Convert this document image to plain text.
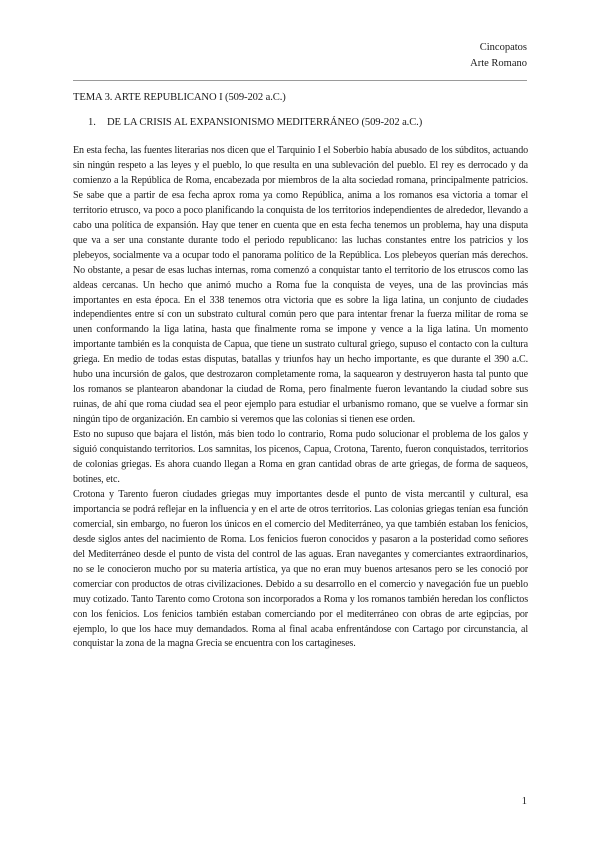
Cincopatos
Arte Romano
TEMA 3. ARTE REPUBLICANO I (509-202 a.C.)
1. DE LA CRISIS AL EXPANSIONISMO MEDITERRÁNEO (509-202 a.C.)

En esta fecha, las fuentes literarias nos dicen que el Tarquinio I el Soberbio había abusado de los súbditos, actuando sin ningún respeto a las leyes y el pueblo, lo que resulta en una sublevación del pueblo. El rey es derrocado y da comienzo a la República de Roma, encabezada por miembros de la alta sociedad romana, principalmente patricios. Se sabe que a partir de esa fecha aprox roma ya como República, anima a los romanos esa victoria a tomar el territorio etrusco, va poco a poco planificando la conquista de los territorios independientes de alrededor, llevando a cabo una política de expansión. Hay que tener en cuenta que en esta fecha tenemos un problema, hay una disputa que va a ser una constante durante todo el periodo republicano: las luchas constantes entre los patricios y los plebeyos, socialmente va a ocupar todo el panorama político de la República. Los plebeyos querían más derechos. No obstante, a pesar de esas luchas internas, roma comenzó a conquistar tanto el territorio de los etruscos como las aldeas cercanas. Un hecho que animó mucho a Roma fue la conquista de veyes, una de las provincias más importantes en esta época. En el 338 tenemos otra victoria que es sobre la liga latina, un conjunto de ciudades independientes entre sí con un substrato cultural común pero que para intentar frenar la fuerza militar de roma se unen conformando la liga latina, hasta que finalmente roma se impone y vence a la liga latina. Un momento importante también es la conquista de Capua, que tiene un sustrato cultural griego, supuso el contacto con la cultura griega. En medio de todas estas disputas, batallas y triunfos hay un hecho importante, es que durante el 390 a.C. hubo una incursión de galos, que destrozaron completamente roma, la saquearon y destruyeron hasta tal punto que los romanos se plantearon abandonar la ciudad de Roma, pero finalmente fueron levantando la ciudad sobre sus ruinas, de ahí que roma ciudad sea el peor ejemplo para estudiar el urbanismo romano, que se vuelve a formar sin ningún tipo de organización. En cambio si veremos que las colonias si tienen ese orden.

Esto no supuso que bajara el listón, más bien todo lo contrario, Roma pudo solucionar el problema de los galos y siguió conquistando territorios. Los samnitas, los picenos, Capua, Crotona, Tarento, fueron conquistados, territorios de colonias griegas. Es ahora cuando llegan a Roma en gran cantidad obras de arte griegas, de forma de saqueos, botines, etc.

Crotona y Tarento fueron ciudades griegas muy importantes desde el punto de vista mercantil y cultural, esa importancia se podrá reflejar en la influencia y en el arte de otros territorios. Las colonias griegas tenían esa función comercial, sin embargo, no fueron los únicos en el comercio del Mediterráneo, ya que también estaban los fenicios, desde siglos antes del nacimiento de Roma. Los fenicios fueron conocidos y pasaron a la posteridad como señores del Mediterráneo desde el punto de vista del control de las aguas. Eran navegantes y comerciantes extraordinarios, no se le conocieron mucho por su materia artística, ya que no eran muy buenos artesanos pero se les conoció por comerciar con productos de otras civilizaciones. Debido a su desarrollo en el comercio y navegación fue un pueblo muy cotizado. Tanto Tarento como Crotona son incorporados a Roma y los romanos también heredan los conflictos con los fenicios. Los fenicios también estaban comerciando por el mediterráneo con obras de arte egipcias, por ejemplo, lo que los hace muy demandados. Roma al final acaba enfrentándose con Cartago por circunstancia, al conquistar la zona de la magna Grecia se encuentra con los cartagineses.

1
